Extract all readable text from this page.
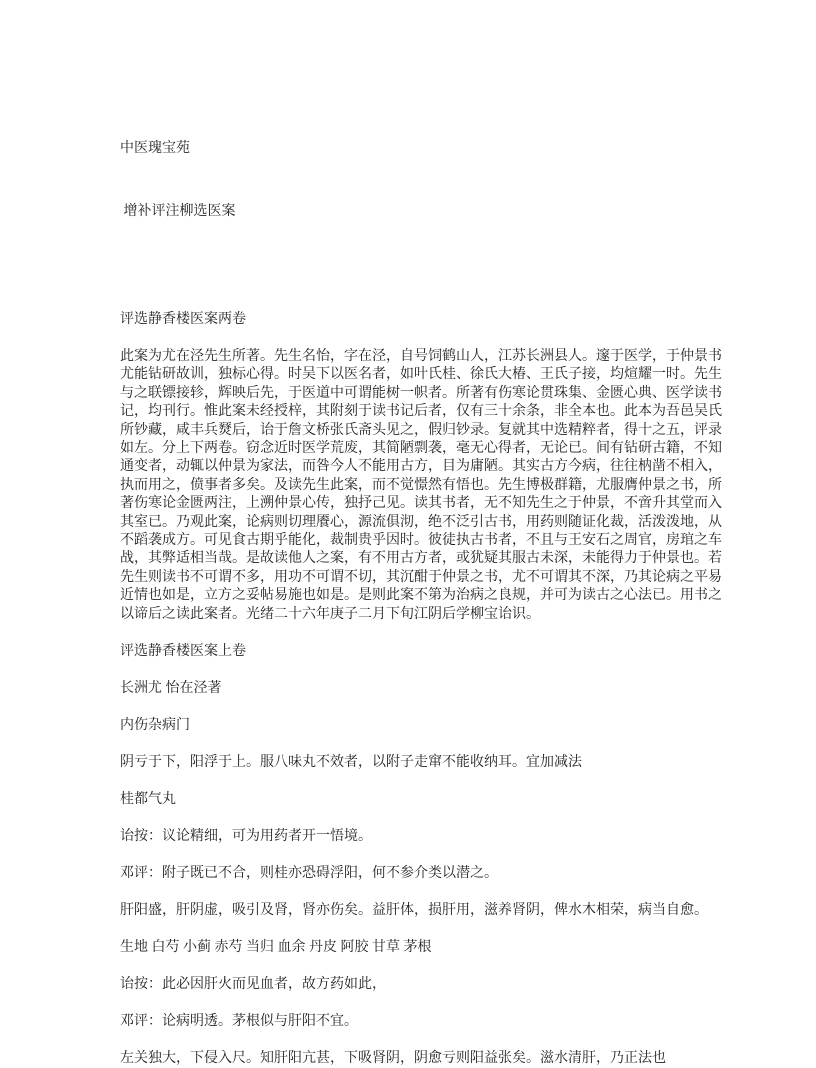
中医瑰宝苑

增补评注柳选医案

评选静香楼医案两卷

此案为尤在泾先生所著。先生名怡，字在泾，自号饲鹤山人，江苏长洲县人。邃于医学，于仲景书尤能钻研故训，独标心得。时吴下以医名者，如叶氏桂、徐氏大椿、王氏子接，均煊耀一时。先生与之联镖接轸，辉映后先，于医道中可谓能树一帜者。所著有伤寒论贯珠集、金匮心典、医学读书记，均刊行。惟此案未经授梓，其附刻于读书记后者，仅有三十余条，非全本也。此本为吾邑吴氏所钞藏，咸丰兵燹后，诒于詹文桥张氏斋头见之，假归钞录。复就其中选精粹者，得十之五，评录如左。分上下两卷。窃念近时医学荒废，其简陋剽袭，毫无心得者，无论已。间有钻研古籍，不知通变者，动辄以仲景为家法，而咎今人不能用古方，目为庸陋。其实古方今病，往往枘凿不相入，执而用之，偾事者多矣。及读先生此案，而不觉憬然有悟也。先生博极群籍，尤服膺仲景之书，所著伤寒论金匮两注，上溯仲景心传，独抒己见。读其书者，无不知先生之于仲景，不啻升其堂而入其室已。乃观此案，论病则切理餍心，源流俱沏，绝不泛引古书，用药则随证化裁，活泼泼地，从不蹈袭成方。可见食古期乎能化，裁制贵乎因时。彼徒执古书者，不且与王安石之周官，房琯之车战，其弊适相当哉。是故读他人之案，有不用古方者，或犹疑其服古未深，未能得力于仲景也。若先生则读书不可谓不多，用功不可谓不切，其沉酣于仲景之书，尤不可谓其不深，乃其论病之平易近情也如是，立方之妥帖易施也如是。是则此案不第为治病之良规，并可为读古之心法已。用书之以谛后之读此案者。光绪二十六年庚子二月下旬江阴后学柳宝诒识。

评选静香楼医案上卷

长洲尤 怡在泾著

内伤杂病门

阴亏于下，阳浮于上。服八味丸不效者，以附子走窜不能收纳耳。宜加减法

桂都气丸

诒按：议论精细，可为用药者开一悟境。

邓评：附子既已不合，则桂亦恐碍浮阳，何不参介类以潜之。

肝阳盛，肝阴虚，吸引及肾，肾亦伤矣。益肝体，损肝用，滋养肾阴，俾水木相荣，病当自愈。

生地 白芍 小蓟 赤芍 当归 血余 丹皮 阿胶 甘草 茅根

诒按：此必因肝火而见血者，故方药如此，

邓评：论病明透。茅根似与肝阳不宜。

左关独大，下侵入尺。知肝阳亢甚，下吸肾阴，阴愈亏则阳益张矣。滋水清肝，乃正法也
